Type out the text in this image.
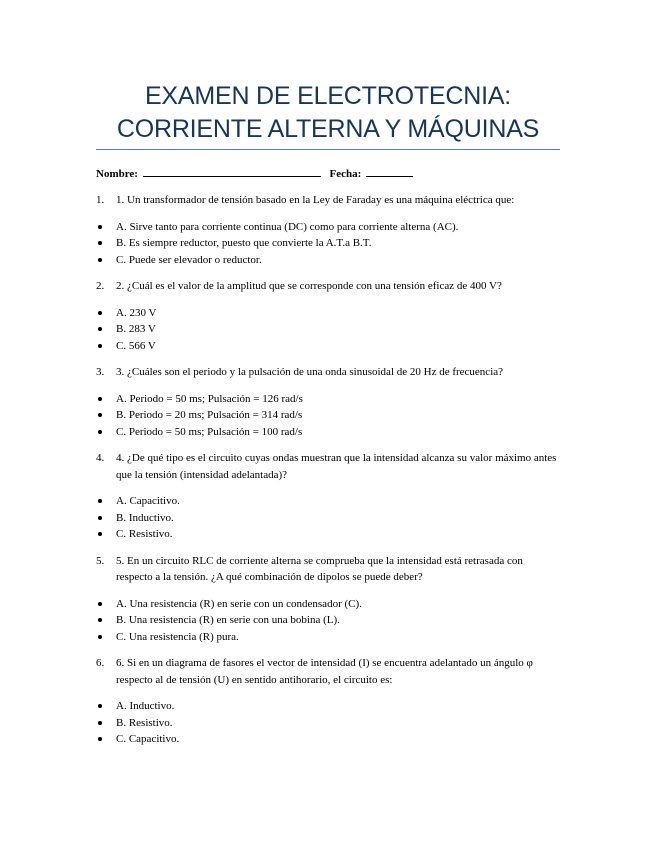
EXAMEN DE ELECTROTECNIA:
CORRIENTE ALTERNA Y MÁQUINAS
Nombre:	Fecha:
1. 1. Un transformador de tensión basado en la Ley de Faraday es una máquina eléctrica que:
A. Sirve tanto para corriente continua (DC) como para corriente alterna (AC).
B. Es siempre reductor, puesto que convierte la A.T.a B.T.
C. Puede ser elevador o reductor.
2. 2. ¿Cuál es el valor de la amplitud que se corresponde con una tensión eficaz de 400 V?
A. 230 V
B. 283 V
C. 566 V
3. 3. ¿Cuáles son el periodo y la pulsación de una onda sinusoidal de 20 Hz de frecuencia?
A. Periodo = 50 ms; Pulsación = 126 rad/s
B. Periodo = 20 ms; Pulsación = 314 rad/s
C. Periodo = 50 ms; Pulsación = 100 rad/s
4. 4. ¿De qué tipo es el circuito cuyas ondas muestran que la intensidad alcanza su valor máximo antes que la tensión (intensidad adelantada)?
A. Capacitivo.
B. Inductivo.
C. Resistivo.
5. 5. En un circuito RLC de corriente alterna se comprueba que la intensidad está retrasada con respecto a la tensión. ¿A qué combinación de dipolos se puede deber?
A. Una resistencia (R) en serie con un condensador (C).
B. Una resistencia (R) en serie con una bobina (L).
C. Una resistencia (R) pura.
6. 6. Si en un diagrama de fasores el vector de intensidad (I) se encuentra adelantado un ángulo φ respecto al de tensión (U) en sentido antihorario, el circuito es:
A. Inductivo.
B. Resistivo.
C. Capacitivo.
